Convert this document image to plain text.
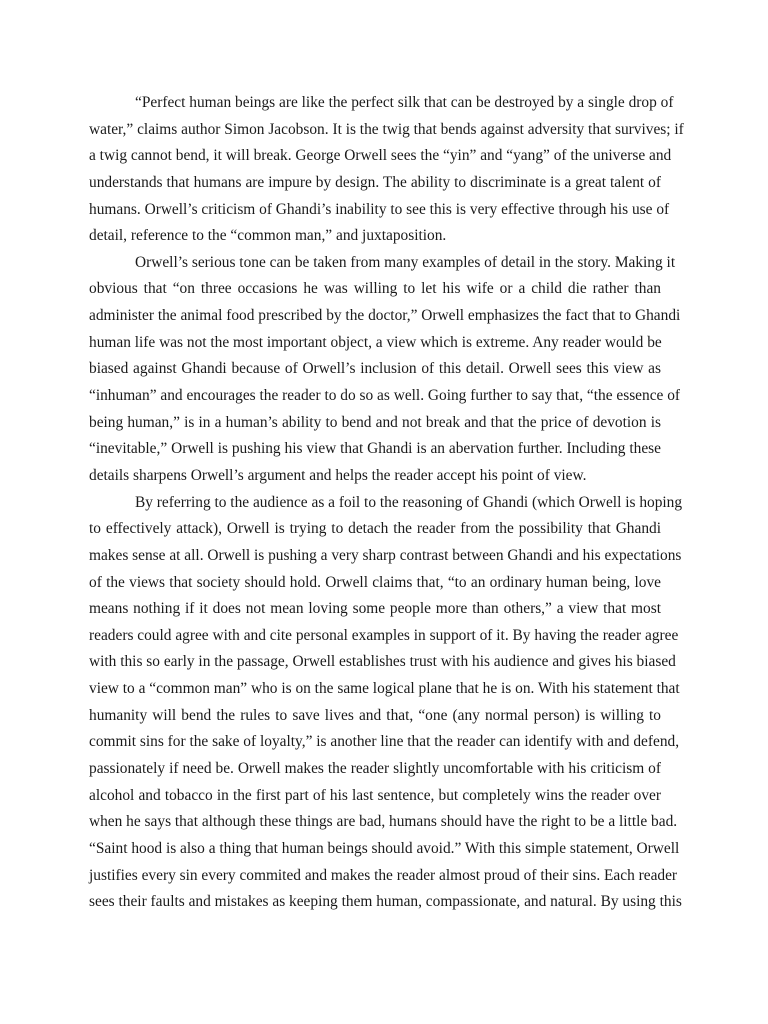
“Perfect human beings are like the perfect silk that can be destroyed by a single drop of
water,” claims author Simon Jacobson. It is the twig that bends against adversity that survives; if
a twig cannot bend, it will break. George Orwell sees the “yin” and “yang” of the universe and
understands that humans are impure by design. The ability to discriminate is a great talent of
humans. Orwell’s criticism of Ghandi’s inability to see this is very effective through his use of
detail, reference to the “common man,” and juxtaposition.
Orwell’s serious tone can be taken from many examples of detail in the story. Making it
obvious that “on three occasions he was willing to let his wife or a child die rather than
administer the animal food prescribed by the doctor,” Orwell emphasizes the fact that to Ghandi
human life was not the most important object, a view which is extreme. Any reader would be
biased against Ghandi because of Orwell’s inclusion of this detail. Orwell sees this view as
“inhuman” and encourages the reader to do so as well. Going further to say that, “the essence of
being human,” is in a human’s ability to bend and not break and that the price of devotion is
“inevitable,” Orwell is pushing his view that Ghandi is an abervation further. Including these
details sharpens Orwell’s argument and helps the reader accept his point of view.
By referring to the audience as a foil to the reasoning of Ghandi (which Orwell is hoping
to effectively attack), Orwell is trying to detach the reader from the possibility that Ghandi
makes sense at all. Orwell is pushing a very sharp contrast between Ghandi and his expectations
of the views that society should hold. Orwell claims that, “to an ordinary human being, love
means nothing if it does not mean loving some people more than others,” a view that most
readers could agree with and cite personal examples in support of it. By having the reader agree
with this so early in the passage, Orwell establishes trust with his audience and gives his biased
view to a “common man” who is on the same logical plane that he is on. With his statement that
humanity will bend the rules to save lives and that, “one (any normal person) is willing to
commit sins for the sake of loyalty,” is another line that the reader can identify with and defend,
passionately if need be. Orwell makes the reader slightly uncomfortable with his criticism of
alcohol and tobacco in the first part of his last sentence, but completely wins the reader over
when he says that although these things are bad, humans should have the right to be a little bad.
“Saint hood is also a thing that human beings should avoid.” With this simple statement, Orwell
justifies every sin every commited and makes the reader almost proud of their sins. Each reader
sees their faults and mistakes as keeping them human, compassionate, and natural. By using this
